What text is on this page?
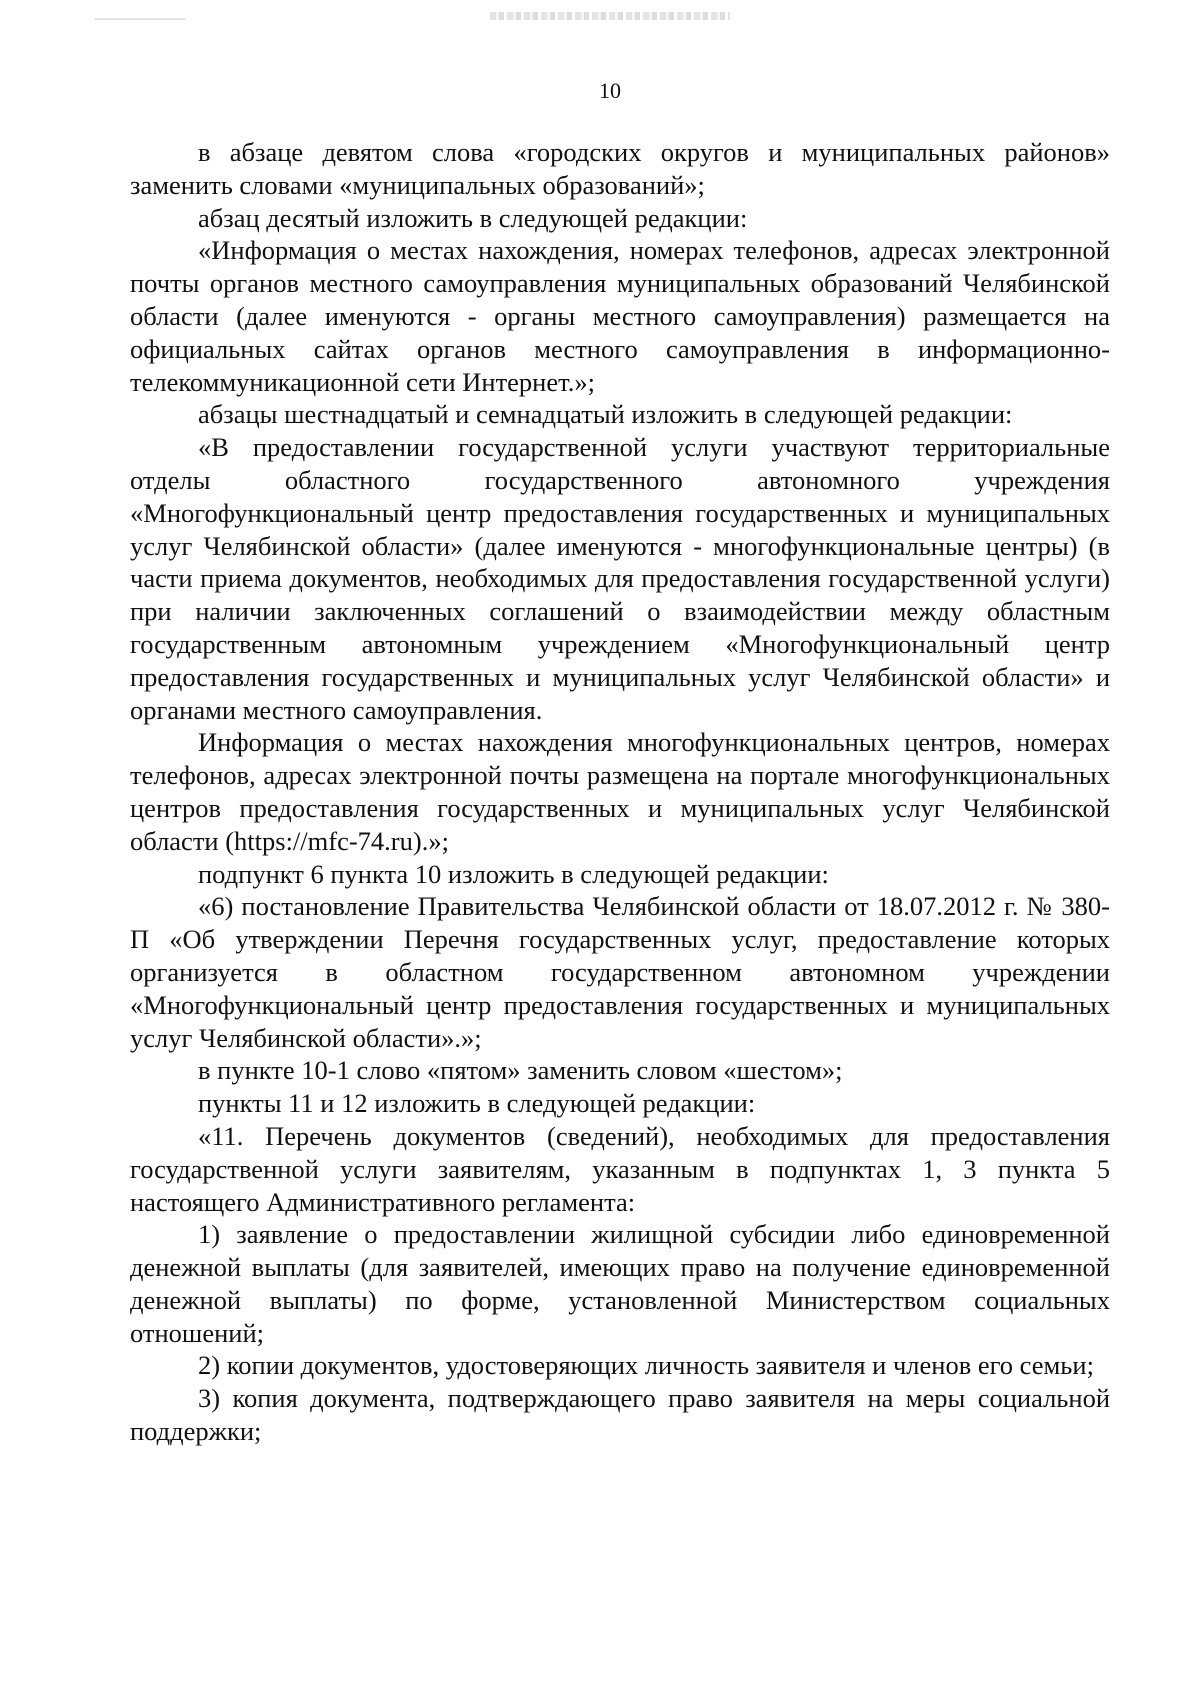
10

в абзаце девятом слова «городских округов и муниципальных районов» заменить словами «муниципальных образований»;

абзац десятый изложить в следующей редакции:

«Информация о местах нахождения, номерах телефонов, адресах электронной почты органов местного самоуправления муниципальных образований Челябинской области (далее именуются - органы местного самоуправления) размещается на официальных сайтах органов местного самоуправления в информационно-телекоммуникационной сети Интернет.»;

абзацы шестнадцатый и семнадцатый изложить в следующей редакции:

«В предоставлении государственной услуги участвуют территориальные отделы областного государственного автономного учреждения «Многофункциональный центр предоставления государственных и муниципальных услуг Челябинской области» (далее именуются - многофункциональные центры) (в части приема документов, необходимых для предоставления государственной услуги) при наличии заключенных соглашений о взаимодействии между областным государственным автономным учреждением «Многофункциональный центр предоставления государственных и муниципальных услуг Челябинской области» и органами местного самоуправления.

Информация о местах нахождения многофункциональных центров, номерах телефонов, адресах электронной почты размещена на портале многофункциональных центров предоставления государственных и муниципальных услуг Челябинской области (https://mfc-74.ru).»;

подпункт 6 пункта 10 изложить в следующей редакции:

«6) постановление Правительства Челябинской области от 18.07.2012 г. № 380-П «Об утверждении Перечня государственных услуг, предоставление которых организуется в областном государственном автономном учреждении «Многофункциональный центр предоставления государственных и муниципальных услуг Челябинской области».»;

в пункте 10-1 слово «пятом» заменить словом «шестом»;

пункты 11 и 12 изложить в следующей редакции:

«11. Перечень документов (сведений), необходимых для предоставления государственной услуги заявителям, указанным в подпунктах 1, 3 пункта 5 настоящего Административного регламента:

1) заявление о предоставлении жилищной субсидии либо единовременной денежной выплаты (для заявителей, имеющих право на получение единовременной денежной выплаты) по форме, установленной Министерством социальных отношений;

2) копии документов, удостоверяющих личность заявителя и членов его семьи;

3) копия документа, подтверждающего право заявителя на меры социальной поддержки;
